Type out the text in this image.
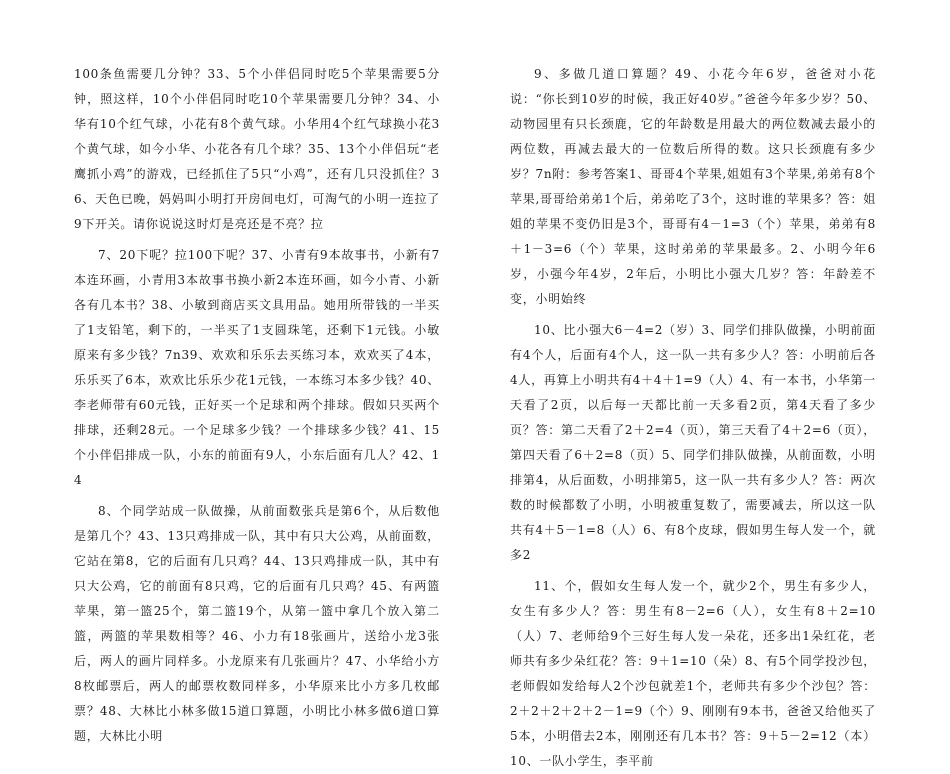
100条鱼需要几分钟？33、5个小伴侣同时吃5个苹果需要5分钟，照这样，10个小伴侣同时吃10个苹果需要几分钟？34、小华有10个红气球，小花有8个黄气球。小华用4个红气球换小花3个黄气球，如今小华、小花各有几个球？35、13个小伴侣玩“老鹰抓小鸡”的游戏，已经抓住了5只“小鸡”，还有几只没抓住？36、天色已晚，妈妈叫小明打开房间电灯，可淘气的小明一连拉了9下开关。请你说说这时灯是亮还是不亮？拉

7、20下呢？拉100下呢？37、小青有9本故事书，小新有7本连环画，小青用3本故事书换小新2本连环画，如今小青、小新各有几本书？38、小敏到商店买文具用品。她用所带钱的一半买了1支铅笔，剩下的，一半买了1支圆珠笔，还剩下1元钱。小敏原来有多少钱？7n39、欢欢和乐乐去买练习本，欢欢买了4本，乐乐买了6本，欢欢比乐乐少花1元钱，一本练习本多少钱？40、李老师带有60元钱，正好买一个足球和两个排球。假如只买两个排球，还剩28元。一个足球多少钱？一个排球多少钱？41、15个小伴侣排成一队，小东的前面有9人，小东后面有几人？42、14

8、个同学站成一队做操，从前面数张兵是第6个，从后数他是第几个？43、13只鸡排成一队，其中有只大公鸡，从前面数，它站在第8，它的后面有几只鸡？44、13只鸡排成一队，其中有只大公鸡，它的前面有8只鸡，它的后面有几只鸡？45、有两篮苹果，第一篮25个，第二篮19个，从第一篮中拿几个放入第二篮，两篮的苹果数相等？46、小力有18张画片，送给小龙3张后，两人的画片同样多。小龙原来有几张画片？47、小华给小方8枚邮票后，两人的邮票枚数同样多，小华原来比小方多几枚邮票？48、大林比小林多做15道口算题，小明比小林多做6道口算题，大林比小明

9、多做几道口算题？49、小花今年6岁，爸爸对小花说：“你长到10岁的时候，我正好40岁。”爸爸今年多少岁？50、动物园里有只长颈鹿，它的年龄数是用最大的两位数减去最小的两位数，再减去最大的一位数后所得的数。这只长颈鹿有多少岁？7n附：参考答案1、哥哥4个苹果,姐姐有3个苹果,弟弟有8个苹果,哥哥给弟弟1个后，弟弟吃了3个，这时谁的苹果多？答：姐姐的苹果不变仍旧是3个，哥哥有4－1=3（个）苹果，弟弟有8＋1－3=6（个）苹果，这时弟弟的苹果最多。2、小明今年6岁，小强今年4岁，2年后，小明比小强大几岁？答：年龄差不变，小明始终

10、比小强大6－4=2（岁）3、同学们排队做操，小明前面有4个人，后面有4个人，这一队一共有多少人？答：小明前后各4人，再算上小明共有4＋4＋1=9（人）4、有一本书，小华第一天看了2页，以后每一天都比前一天多看2页，第4天看了多少页？答：第二天看了2＋2=4（页），第三天看了4＋2=6（页），第四天看了6＋2=8（页）5、同学们排队做操，从前面数，小明排第4，从后面数，小明排第5，这一队一共有多少人？答：两次数的时候都数了小明，小明被重复数了，需要减去，所以这一队共有4＋5－1=8（人）6、有8个皮球，假如男生每人发一个，就多2

11、个，假如女生每人发一个，就少2个，男生有多少人，女生有多少人？答：男生有8－2=6（人），女生有8＋2=10（人）7、老师给9个三好生每人发一朵花，还多出1朵红花，老师共有多少朵红花？答：9＋1=10（朵）8、有5个同学投沙包，老师假如发给每人2个沙包就差1个，老师共有多少个沙包？答：2＋2＋2＋2＋2－1=9（个）9、刚刚有9本书，爸爸又给他买了5本，小明借去2本，刚刚还有几本书？答：9＋5－2=12（本）10、一队小学生，李平前
